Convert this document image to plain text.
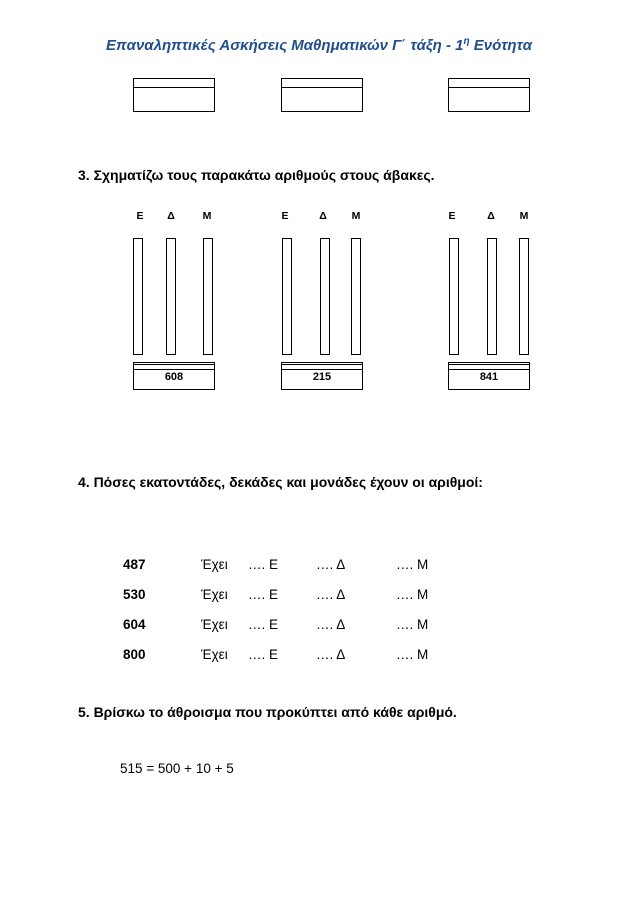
Επαναληπτικές Ασκήσεις Μαθηματικών Γ΄ τάξη - $1^\eta$ Ενότητα
3. Σχηματίζω τους παρακάτω αριθμούς στους άβακες.
Ε	Δ	Μ
608
Ε	Δ	Μ
215
Ε	Δ	Μ
841
4. Πόσες εκατοντάδες, δεκάδες και μονάδες έχουν οι αριθμοί:
487	Έχει …. Ε	…. Δ	…. Μ
530	Έχει …. Ε	…. Δ	…. Μ
604	Έχει …. Ε	…. Δ	…. Μ
800	Έχει …. Ε	…. Δ	…. Μ
5. Βρίσκω το άθροισμα που προκύπτει από κάθε αριθμό.
515 = 500 + 10 + 5
